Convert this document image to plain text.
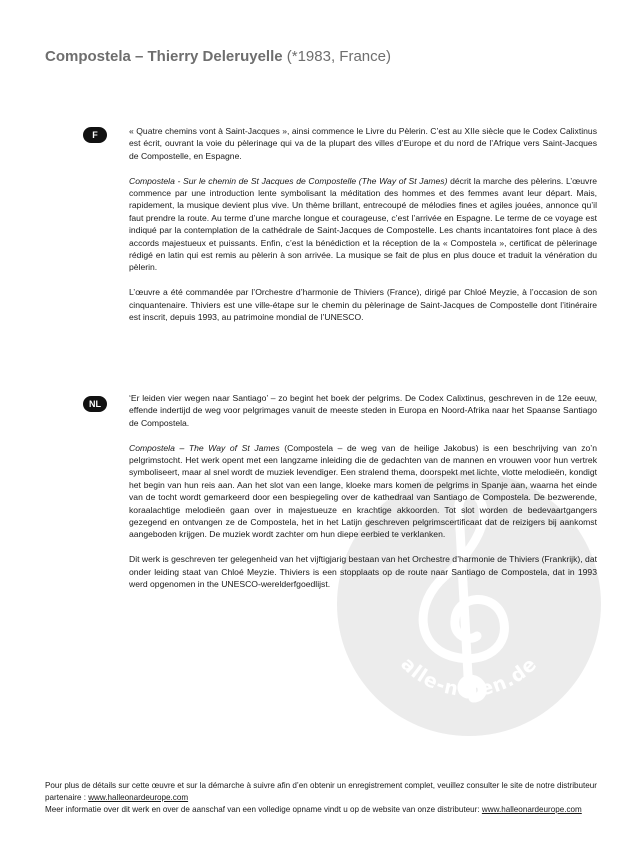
Compostela – Thierry Deleruyelle (*1983, France)
F	« Quatre chemins vont à Saint-Jacques », ainsi commence le Livre du Pèlerin. C’est au XIIe siècle que le Codex Calixtinus est écrit, ouvrant la voie du pèlerinage qui va de la plupart des villes d’Europe et du nord de l’Afrique vers Saint-Jacques de Compostelle, en Espagne.

Compostela - Sur le chemin de St Jacques de Compostelle (The Way of St James) décrit la marche des pèlerins. L’œuvre commence par une introduction lente symbolisant la méditation des hommes et des femmes avant leur départ. Mais, rapidement, la musique devient plus vive. Un thème brillant, entrecoupé de mélodies fines et agiles jouées, annonce qu’il faut prendre la route. Au terme d’une marche longue et courageuse, c’est l’arrivée en Espagne. Le terme de ce voyage est indiqué par la contemplation de la cathédrale de Saint-Jacques de Compostelle. Les chants incantatoires font place à des accords majestueux et puissants. Enfin, c’est la bénédiction et la réception de la « Compostela », certificat de pèlerinage rédigé en latin qui est remis au pèlerin à son arrivée. La musique se fait de plus en plus douce et traduit la vénération du pèlerin.

L’œuvre a été commandée par l’Orchestre d’harmonie de Thiviers (France), dirigé par Chloé Meyzie, à l’occasion de son cinquantenaire. Thiviers est une ville-étape sur le chemin du pèlerinage de Saint-Jacques de Compostelle dont l’itinéraire est inscrit, depuis 1993, au patrimoine mondial de l’UNESCO.

NL

‘Er leiden vier wegen naar Santiago’ – zo begint het boek der pelgrims. De Codex Calixtinus, geschreven in de 12e eeuw, effende indertijd de weg voor pelgrimages vanuit de meeste steden in Europa en Noord-Afrika naar het Spaanse Santiago de Compostela.

Compostela – The Way of St James (Compostela – de weg van de heilige Jakobus) is een beschrijving van zo’n pelgrimstocht. Het werk opent met een langzame inleiding die de gedachten van de mannen en vrouwen voor hun vertrek symboliseert, maar al snel wordt de muziek levendiger. Een stralend thema, doorspekt met lichte, vlotte melodieën, kondigt het begin van hun reis aan. Aan het slot van een lange, kloeke mars komen de pelgrims in Spanje aan, waarna het einde van de tocht wordt gemarkeerd door een bespiegeling over de kathedraal van Santiago de Compostela. De bezwerende, koraalachtige melodieën gaan over in majestueuze en krachtige akkoorden. Tot slot worden de bedevaartgangers gezegend en ontvangen ze de Compostela, het in het Latijn geschreven pelgrimscertificaat dat de reizigers bij aankomst aangeboden krijgen. De muziek wordt zachter om hun diepe eerbied te verklanken.

Dit werk is geschreven ter gelegenheid van het vijftigjarig bestaan van het Orchestre d’harmonie de Thiviers (Frankrijk), dat onder leiding staat van Chloé Meyzie. Thiviers is een stopplaats op de route naar Santiago de Compostela, dat in 1993 werd opgenomen in the UNESCO-werelderfgoedlijst.

alle-noten.de
Pour plus de détails sur cette œuvre et sur la démarche à suivre afin d’en obtenir un enregistrement complet, veuillez consulter le site de notre distributeur partenaire : www.halleonardeurope.com
Meer informatie over dit werk en over de aanschaf van een volledige opname vindt u op de website van onze distributeur: www.halleonardeurope.com
